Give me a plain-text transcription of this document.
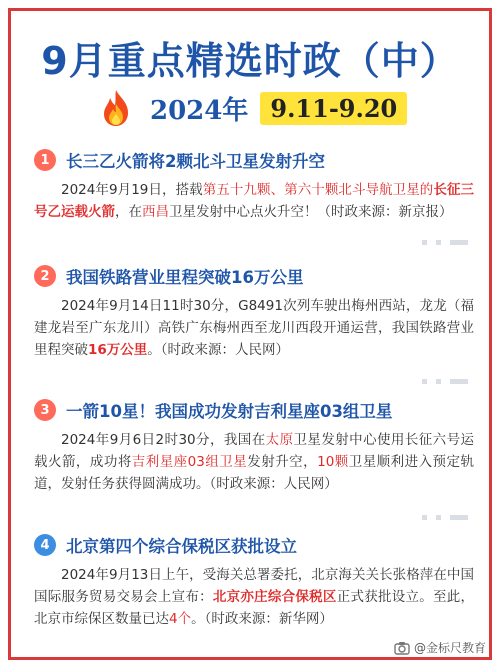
9月重点精选时政（中）
2024年 9.11-9.20
1 长三乙火箭将2颗北斗卫星发射升空
2024年9月19日，搭载第五十九颗、第六十颗北斗导航卫星的长征三号乙运载火箭，在西昌卫星发射中心点火升空！（时政来源：新京报）
2 我国铁路营业里程突破16万公里
2024年9月14日11时30分，G8491次列车驶出梅州西站，龙龙（福建龙岩至广东龙川）高铁广东梅州西至龙川西段开通运营，我国铁路营业里程突破16万公里。（时政来源：人民网）
3 一箭10星！我国成功发射吉利星座03组卫星
2024年9月6日2时30分，我国在太原卫星发射中心使用长征六号运载火箭，成功将吉利星座03组卫星发射升空，10颗卫星顺利进入预定轨道，发射任务获得圆满成功。（时政来源：人民网）
4 北京第四个综合保税区获批设立
2024年9月13日上午，受海关总署委托，北京海关关长张格萍在中国国际服务贸易交易会上宣布：北京亦庄综合保税区正式获批设立。至此，北京市综保区数量已达4个。（时政来源：新华网）
@金标尺教育
